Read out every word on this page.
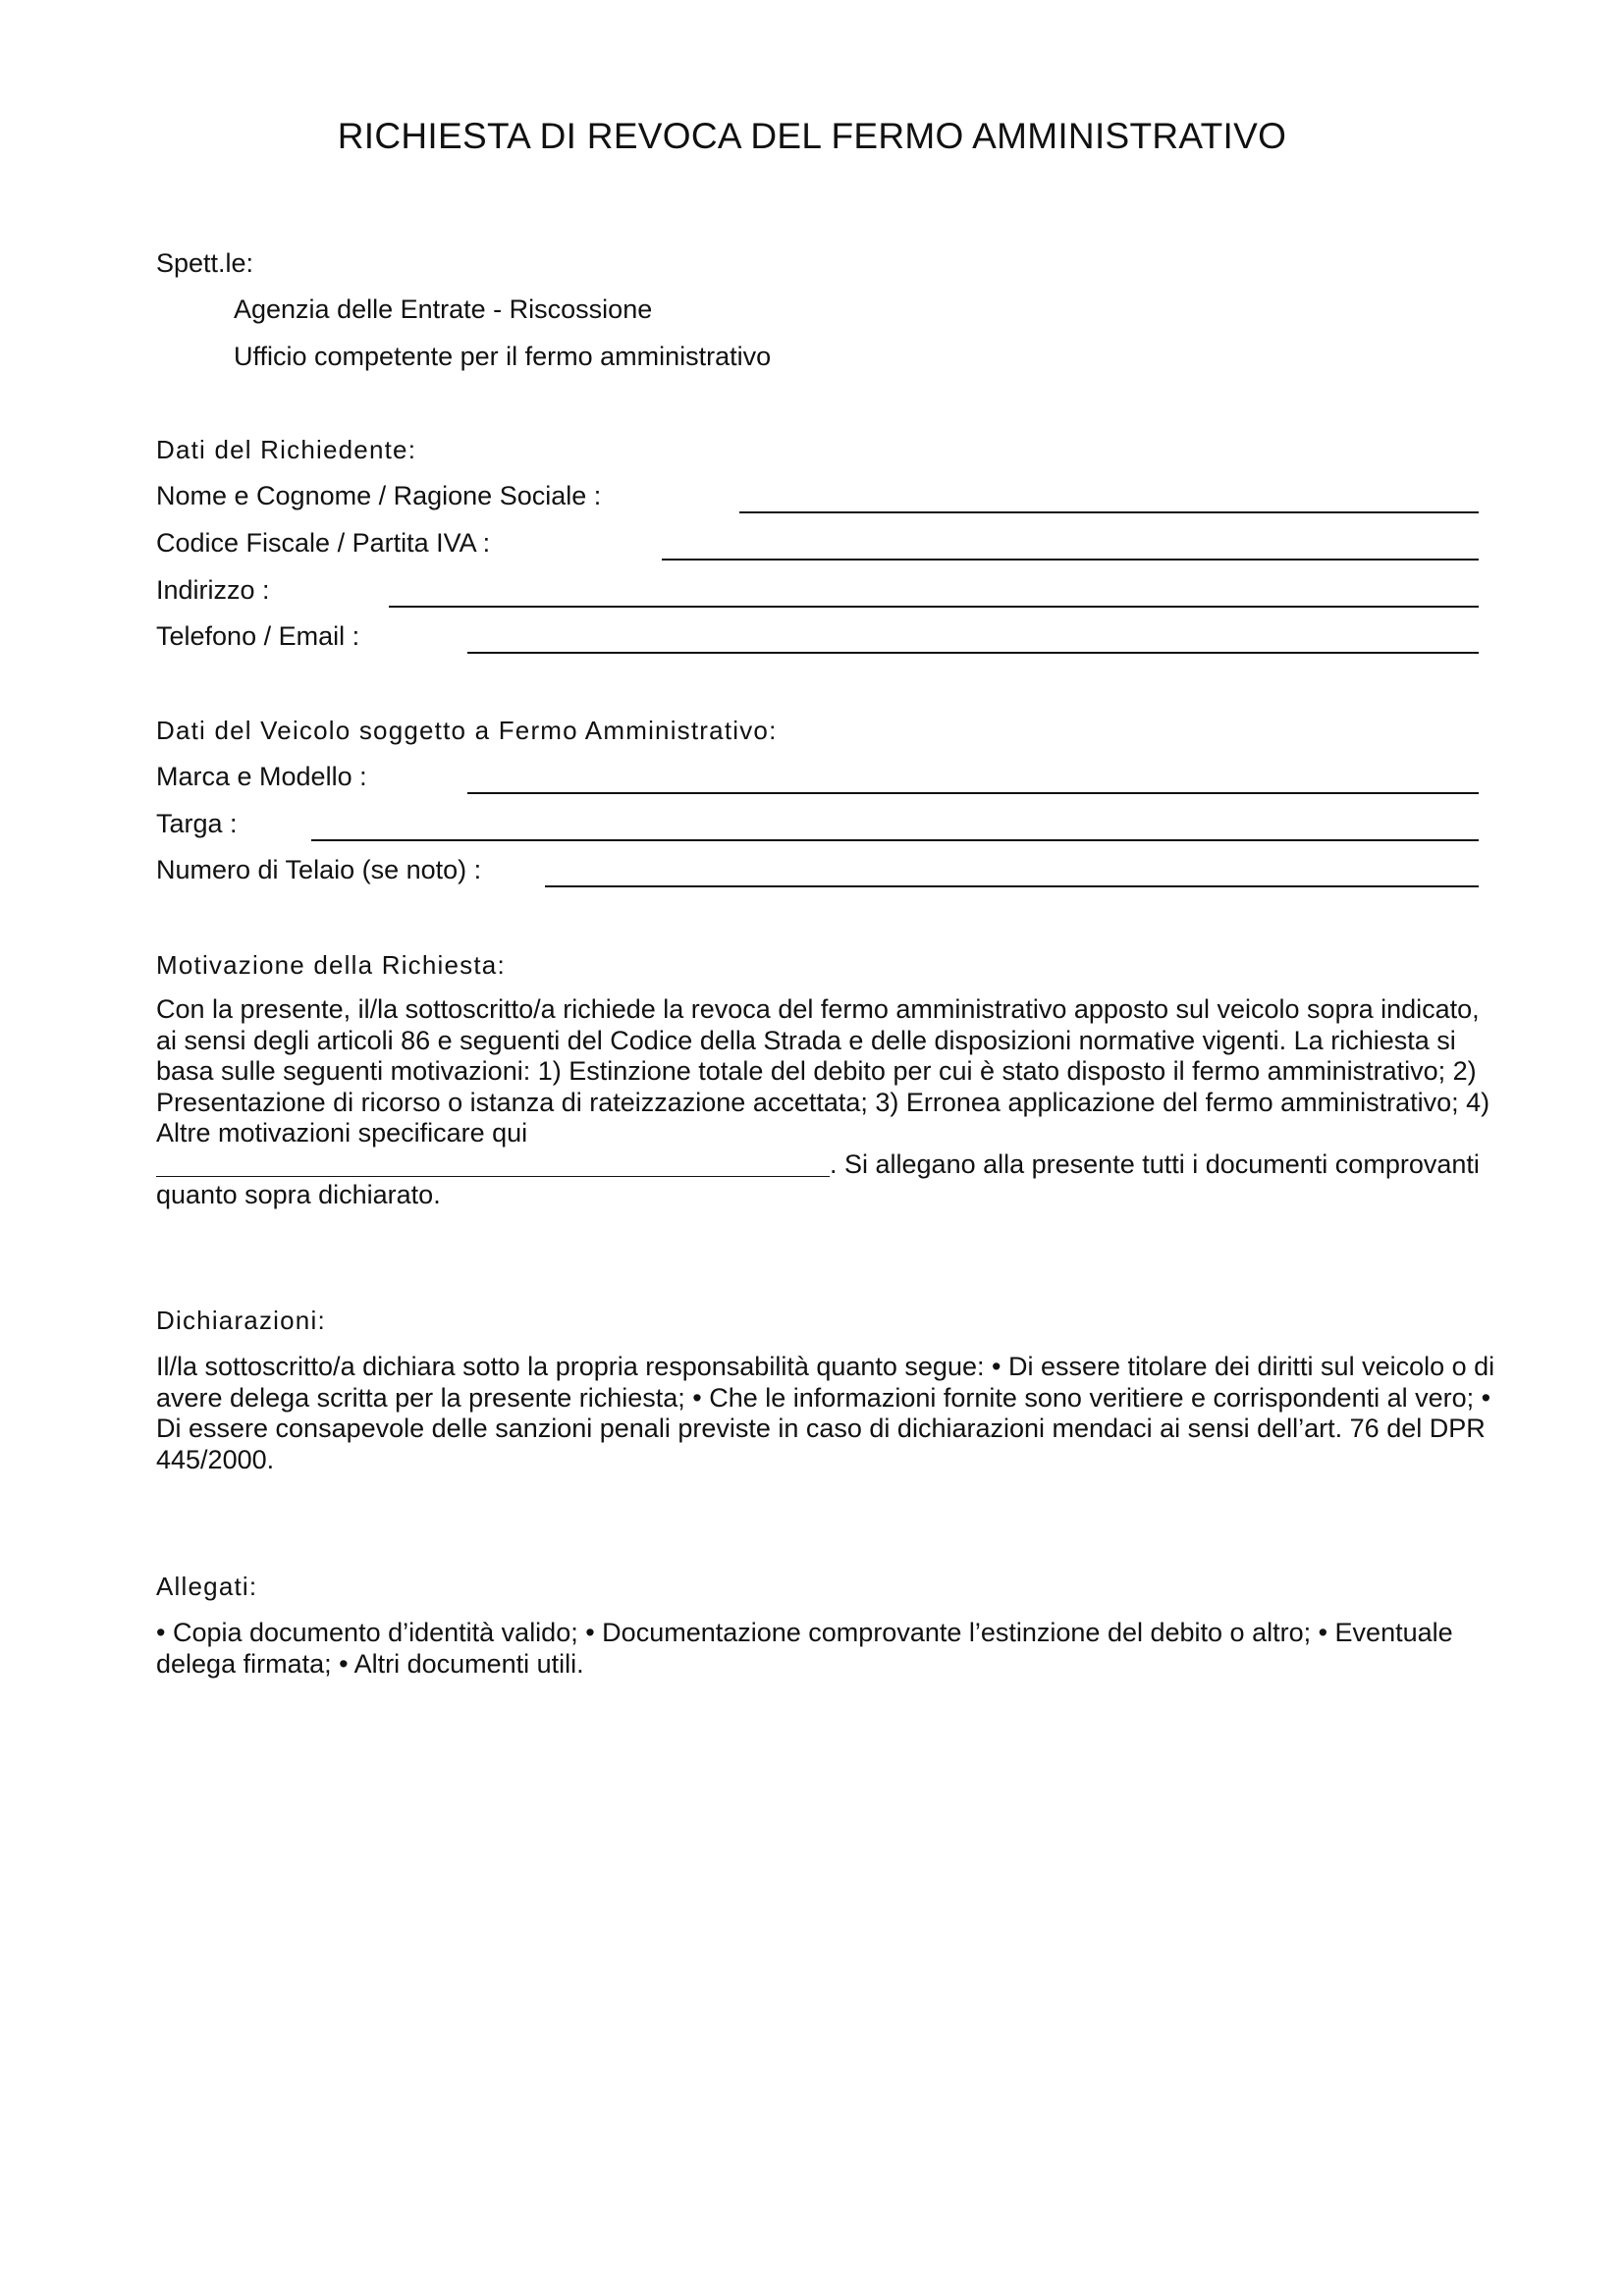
RICHIESTA DI REVOCA DEL FERMO AMMINISTRATIVO
Spett.le:
Agenzia delle Entrate - Riscossione
Ufficio competente per il fermo amministrativo
Dati del Richiedente:
Nome e Cognome / Ragione Sociale :
Codice Fiscale / Partita IVA :
Indirizzo :
Telefono / Email :
Dati del Veicolo soggetto a Fermo Amministrativo:
Marca e Modello :
Targa :
Numero di Telaio (se noto) :
Motivazione della Richiesta:
Con la presente, il/la sottoscritto/a richiede la revoca del fermo amministrativo apposto sul veicolo sopra indicato, ai sensi degli articoli 86 e seguenti del Codice della Strada e delle disposizioni normative vigenti. La richiesta si basa sulle seguenti motivazioni: 1) Estinzione totale del debito per cui è stato disposto il fermo amministrativo; 2) Presentazione di ricorso o istanza di rateizzazione accettata; 3) Erronea applicazione del fermo amministrativo; 4) Altre motivazioni specificare qui
. Si allegano alla presente tutti i documenti comprovanti quanto sopra dichiarato.
Dichiarazioni:
Il/la sottoscritto/a dichiara sotto la propria responsabilità quanto segue: • Di essere titolare dei diritti sul veicolo o di avere delega scritta per la presente richiesta; • Che le informazioni fornite sono veritiere e corrispondenti al vero; • Di essere consapevole delle sanzioni penali previste in caso di dichiarazioni mendaci ai sensi dell’art. 76 del DPR 445/2000.
Allegati:
• Copia documento d’identità valido; • Documentazione comprovante l’estinzione del debito o altro; • Eventuale delega firmata; • Altri documenti utili.
